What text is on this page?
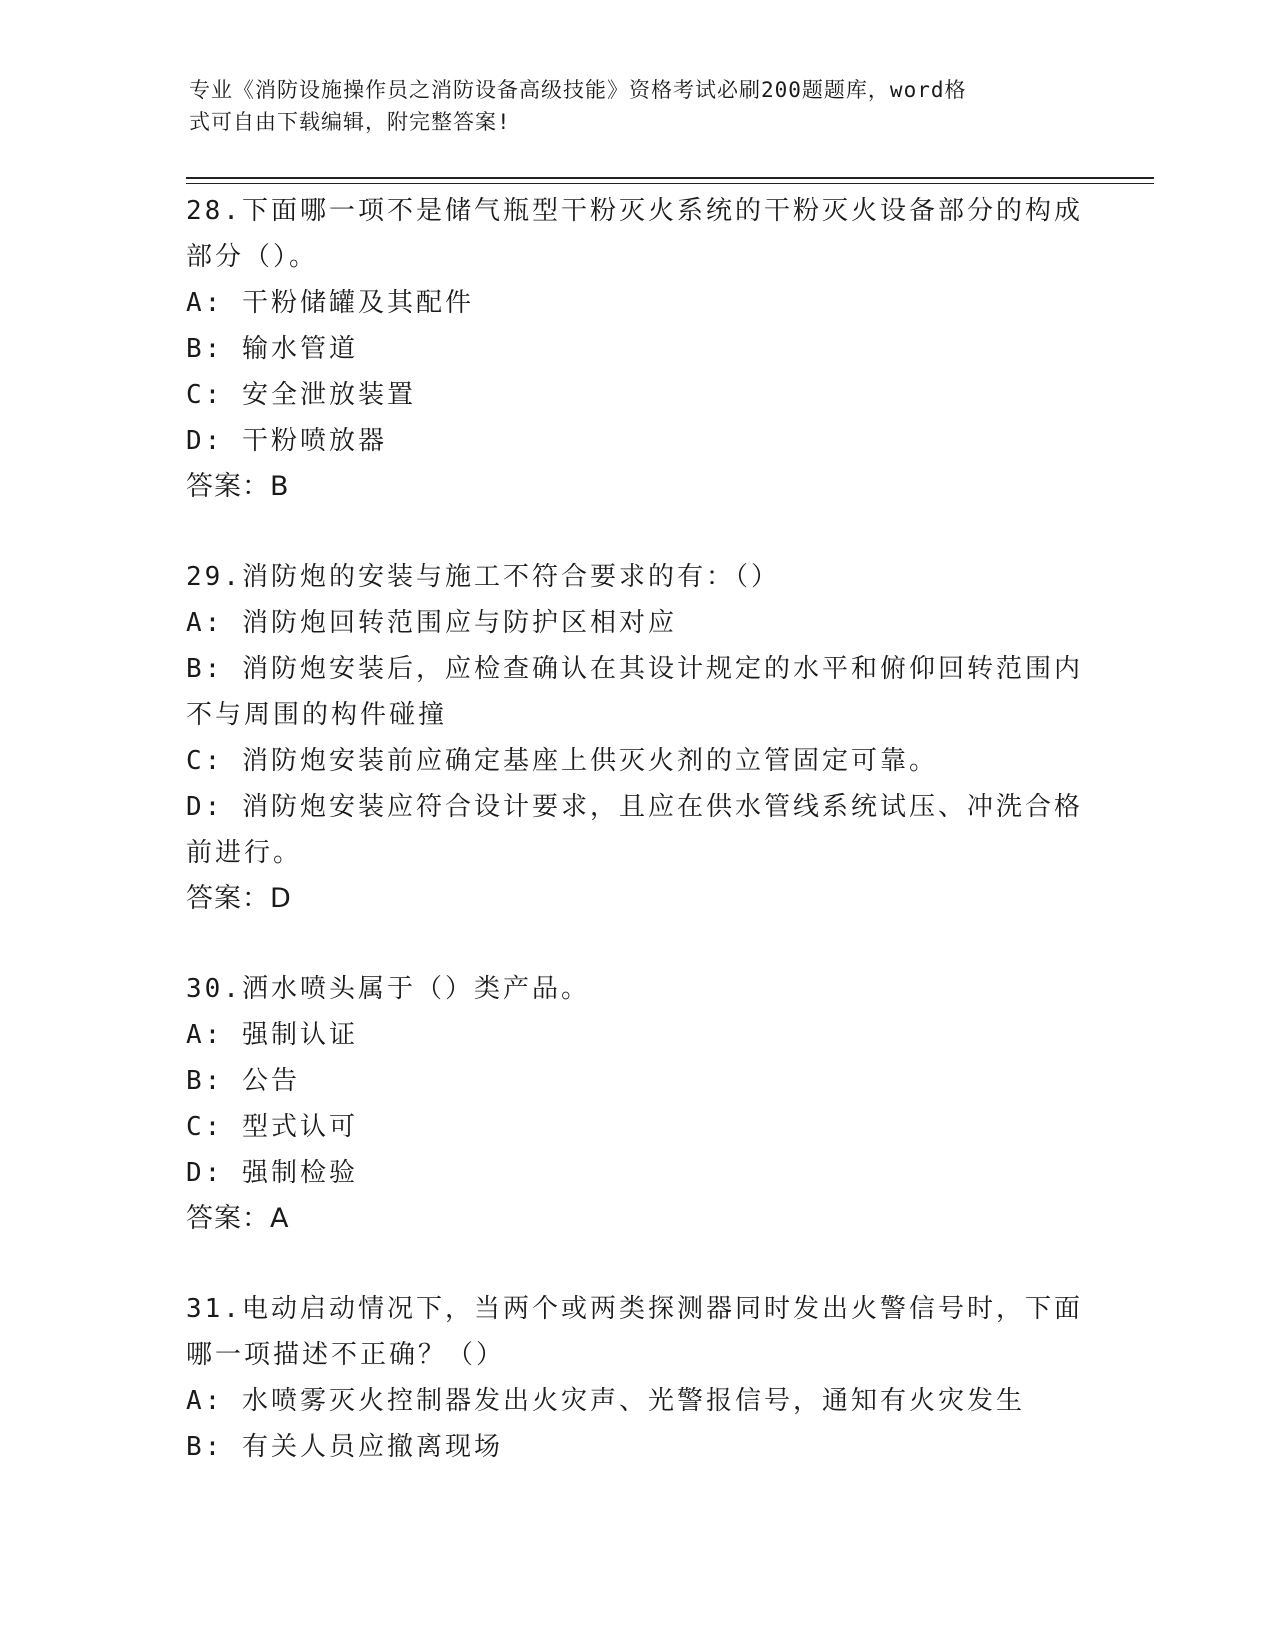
专业《消防设施操作员之消防设备高级技能》资格考试必刷200题题库，word格
式可自由下载编辑，附完整答案!
28.下面哪一项不是储气瓶型干粉灭火系统的干粉灭火设备部分的构成
部分（）。
A: 干粉储罐及其配件
B: 输水管道
C: 安全泄放装置
D: 干粉喷放器
答案：B
29.消防炮的安装与施工不符合要求的有：（）
A: 消防炮回转范围应与防护区相对应
B: 消防炮安装后，应检查确认在其设计规定的水平和俯仰回转范围内
不与周围的构件碰撞
C: 消防炮安装前应确定基座上供灭火剂的立管固定可靠。
D: 消防炮安装应符合设计要求，且应在供水管线系统试压、冲洗合格
前进行。
答案：D
30.洒水喷头属于（）类产品。
A: 强制认证
B: 公告
C: 型式认可
D: 强制检验
答案：A
31.电动启动情况下，当两个或两类探测器同时发出火警信号时，下面
哪一项描述不正确？（）
A: 水喷雾灭火控制器发出火灾声、光警报信号，通知有火灾发生
B: 有关人员应撤离现场
